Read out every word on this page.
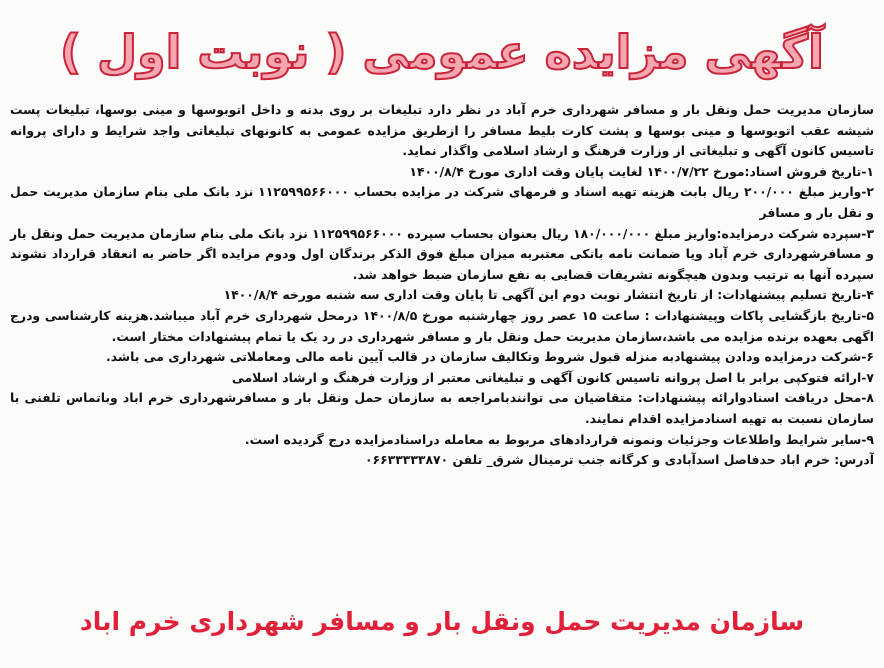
آگهی مزایده عمومی ( نوبت اول )

سازمان مدیریت حمل ونقل بار و مسافر شهرداری خرم آباد در نظر دارد تبلیغات بر روی بدنه و داخل اتوبوسها و مینی بوسها، تبلیغات پست شیشه عقب اتوبوسها و مینی بوسها و پشت کارت بلیط مسافر را ازطریق مزایده عمومی به کانونهای تبلیغاتی واجد شرایط و دارای پروانه تاسیس کانون آگهی و تبلیغاتی از وزارت فرهنگ و ارشاد اسلامی واگذار نماید.

۱-تاریخ فروش اسناد:مورخ ۱۴۰۰/۷/۲۲ لغایت پایان وقت اداری مورخ ۱۴۰۰/۸/۴

۲-واریز مبلغ ۲۰۰/۰۰۰ ریال بابت هزینه تهیه اسناد و فرمهای شرکت در مزایده بحساب ۱۱۲۵۹۹۵۶۶۰۰۰ نزد بانک ملی بنام سازمان مدیریت حمل و نقل بار و مسافر

۳-سپرده شرکت درمزایده:واریز مبلغ ۱۸۰/۰۰۰/۰۰۰ ریال بعنوان بحساب سپرده ۱۱۲۵۹۹۵۶۶۰۰۰ نزد بانک ملی بنام سازمان مدیریت حمل ونقل بار و مسافرشهرداری خرم آباد ویا ضمانت نامه بانکی معتبربه میزان مبلغ فوق الذکر برندگان اول ودوم مزایده اگر حاضر به انعقاد قرارداد نشوند سپرده آنها به ترتیب وبدون هیچگونه تشریفات قضایی به نفع سازمان ضبط خواهد شد.

۴-تاریخ تسلیم پیشنهادات: از تاریخ انتشار نوبت دوم این آگهی تا پایان وقت اداری سه شنبه مورخه ۱۴۰۰/۸/۴

۵-تاریخ بازگشایی پاکات وپیشنهادات : ساعت ۱۵ عصر روز چهارشنبه مورخ ۱۴۰۰/۸/۵ درمحل شهرداری خرم آباد میباشد.هزینه کارشناسی ودرج اگهی بعهده برنده مزایده می باشد،سازمان مدیریت حمل ونقل بار و مسافر شهرداری در رد یک یا تمام پیشنهادات مختار است.

۶-شرکت درمزایده ودادن پیشنهادبه منزله قبول شروط وتکالیف سازمان در قالب آیین نامه مالی ومعاملاتی شهرداری می باشد.

۷-ارائه فتوکپی برابر با اصل پروانه تاسیس کانون آگهی و تبلیغاتی معتبر از وزارت فرهنگ و ارشاد اسلامی

۸-محل دریافت اسنادوارائه پیشنهادات: متقاضیان می توانندبامراجعه به سازمان حمل ونقل بار و مسافرشهرداری خرم اباد وباتماس تلفنی با سازمان نسبت به تهیه اسنادمزایده اقدام نمایند.

۹-سایر شرایط واطلاعات وجزئیات ونمونه قراردادهای مربوط به معامله دراسنادمزایده درج گردیده است.

آدرس: خرم اباد حدفاصل اسدآبادی و کرگانه جنب ترمینال شرق_ تلفن ۰۶۶۳۳۳۳۳۸۷۰

سازمان مدیریت حمل ونقل بار و مسافر شهرداری خرم اباد
